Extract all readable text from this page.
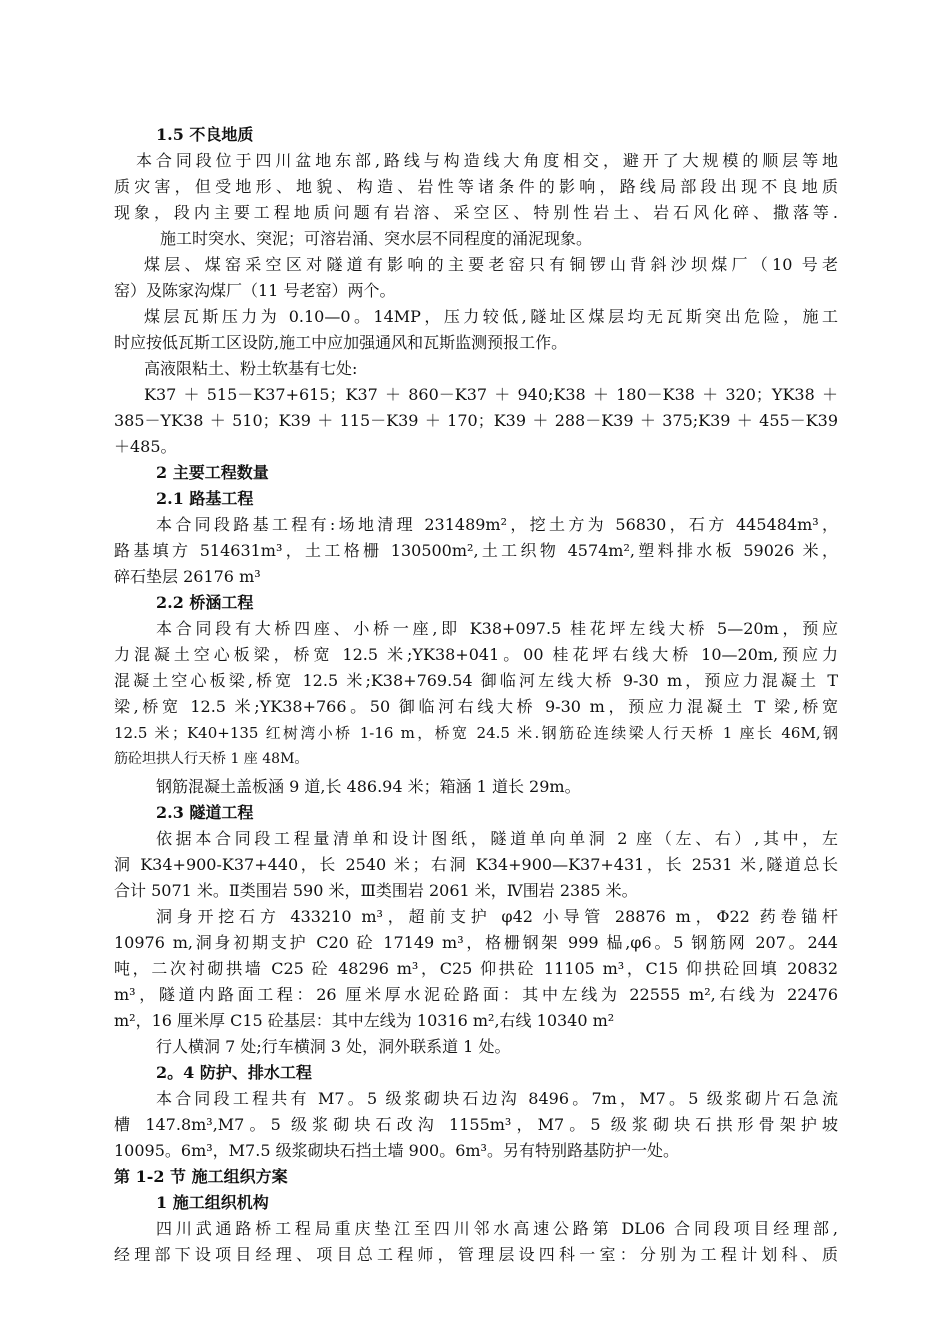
1.5 不良地质
本合同段位于四川盆地东部,路线与构造线大角度相交，避开了大规模的顺层等地
质灾害，但受地形、地貌、构造、岩性等诸条件的影响，路线局部段出现不良地质
现象，段内主要工程地质问题有岩溶、采空区、特别性岩土、岩石风化碎、撒落等.
施工时突水、突泥；可溶岩涌、突水层不同程度的涌泥现象。
煤层、煤窑采空区对隧道有影响的主要老窑只有铜锣山背斜沙坝煤厂（10 号老
窑）及陈家沟煤厂（11 号老窑）两个。
煤层瓦斯压力为 0.10—0。14MP，压力较低,隧址区煤层均无瓦斯突出危险，施工
时应按低瓦斯工区设防,施工中应加强通风和瓦斯监测预报工作。
高液限粘土、粉土软基有七处:
K37＋515－K37+615；K37＋860－K37＋940;K38＋180－K38＋320；YK38＋
385－YK38＋510；K39＋115－K39＋170；K39＋288－K39＋375;K39＋455－K39
＋485。
2 主要工程数量
2.1 路基工程
本合同段路基工程有:场地清理 231489m²，挖土方为 56830，石方 445484m³，
路基填方 514631m³，土工格栅 130500m²,土工织物 4574m²,塑料排水板 59026 米，
碎石垫层 26176 m³
2.2 桥涵工程
本合同段有大桥四座、小桥一座,即 K38+097.5 桂花坪左线大桥 5—20m，预应
力混凝土空心板梁，桥宽 12.5 米;YK38+041。00 桂花坪右线大桥 10—20m,预应力
混凝土空心板梁,桥宽 12.5 米;K38+769.54 御临河左线大桥 9-30 m，预应力混凝土 T
梁,桥宽 12.5 米;YK38+766。50 御临河右线大桥 9-30 m，预应力混凝土 T 梁,桥宽
12.5 米；K40+135 红树湾小桥 1-16 m，桥宽 24.5 米.钢筋砼连续梁人行天桥 1 座长 46M,钢
筋砼坦拱人行天桥 1 座 48M。
钢筋混凝土盖板涵 9 道,长 486.94 米；箱涵 1 道长 29m。
2.3 隧道工程
依据本合同段工程量清单和设计图纸，隧道单向单洞 2 座（左、右）,其中，左
洞 K34+900-K37+440，长 2540 米；右洞 K34+900—K37+431，长 2531 米,隧道总长
合计 5071 米。Ⅱ类围岩 590 米，Ⅲ类围岩 2061 米，Ⅳ围岩 2385 米。
洞身开挖石方 433210 m³，超前支护 φ42 小导管 28876 m，Φ22 药卷锚杆
10976 m,洞身初期支护 C20 砼 17149 m³，格栅钢架 999 榀,φ6。5 钢筋网 207。244
吨，二次衬砌拱墙 C25 砼 48296 m³，C25 仰拱砼 11105 m³，C15 仰拱砼回填 20832
m³，隧道内路面工程：26 厘米厚水泥砼路面：其中左线为 22555 m²,右线为 22476
m²，16 厘米厚 C15 砼基层：其中左线为 10316 m²,右线 10340 m²
行人横洞 7 处;行车横洞 3 处，洞外联系道 1 处。
2。4 防护、排水工程
本合同段工程共有 M7。5 级浆砌块石边沟 8496。7m，M7。5 级浆砌片石急流
槽 147.8m³,M7。5 级浆砌块石改沟 1155m³，M7。5 级浆砌块石拱形骨架护坡
10095。6m³，M7.5 级浆砌块石挡土墙 900。6m³。另有特别路基防护一处。
第 1-2 节 施工组织方案
1 施工组织机构
四川武通路桥工程局重庆垫江至四川邻水高速公路第 DL06 合同段项目经理部,
经理部下设项目经理、项目总工程师，管理层设四科一室：分别为工程计划科、质
